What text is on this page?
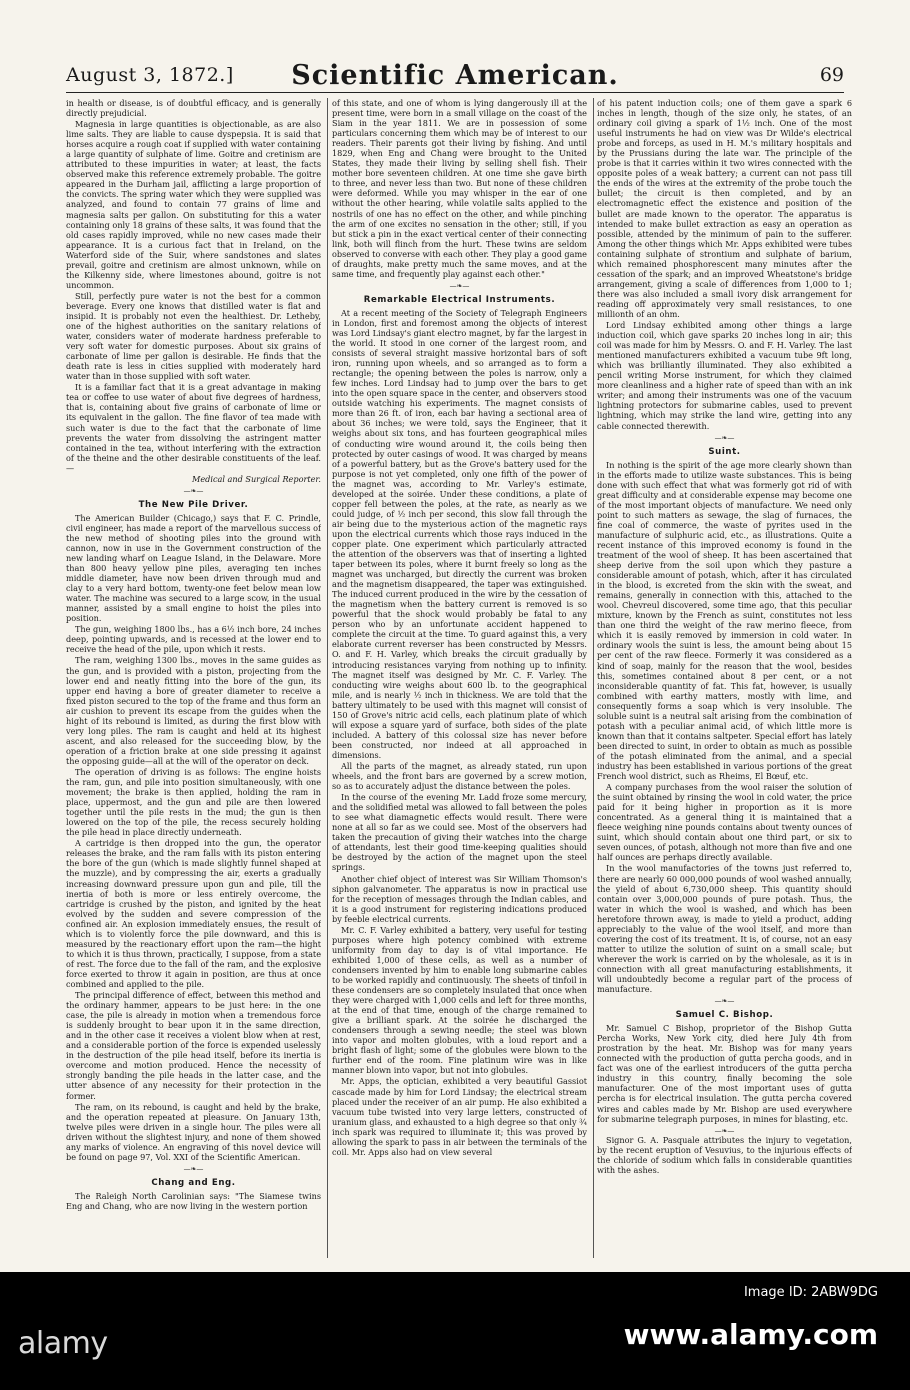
August 3, 1872.]	Scientific American.	69

in health or disease, is of doubtful efficacy, and is generally directly prejudicial.

Magnesia in large quantities is objectionable, as are also lime salts. They are liable to cause dyspepsia. It is said that horses acquire a rough coat if supplied with water containing a large quantity of sulphate of lime. Goitre and cretinism are attributed to these impurities in water; at least, the facts observed make this reference extremely probable. The goitre appeared in the Durham jail, afflicting a large proportion of the convicts. The spring water which they were supplied was analyzed, and found to contain 77 grains of lime and magnesia salts per gallon. On substituting for this a water containing only 18 grains of these salts, it was found that the old cases rapidly improved, while no new cases made their appearance. It is a curious fact that in Ireland, on the Waterford side of the Suir, where sandstones and slates prevail, goitre and cretinism are almost unknown, while on the Kilkenny side, where limestones abound, goitre is not uncommon.

Still, perfectly pure water is not the best for a common beverage. Every one knows that distilled water is flat and insipid. It is probably not even the healthiest. Dr. Letheby, one of the highest authorities on the sanitary relations of water, considers water of moderate hardness preferable to very soft water for domestic purposes. About six grains of carbonate of lime per gallon is desirable. He finds that the death rate is less in cities supplied with moderately hard water than in those supplied with soft water.

It is a familiar fact that it is a great advantage in making tea or coffee to use water of about five degrees of hardness, that is, containing about five grains of carbonate of lime or its equivalent in the gallon. The fine flavor of tea made with such water is due to the fact that the carbonate of lime prevents the water from dissolving the astringent matter contained in the tea, without interfering with the extraction of the theine and the other desirable constituents of the leaf.—

Medical and Surgical Reporter.

—❧—
The New Pile Driver.

The American Builder (Chicago,) says that F. C. Prindle, civil engineer, has made a report of the marvellous success of the new method of shooting piles into the ground with cannon, now in use in the Government construction of the new landing wharf on League Island, in the Delaware. More than 800 heavy yellow pine piles, averaging ten inches middle diameter, have now been driven through mud and clay to a very hard bottom, twenty-one feet below mean low water. The machine was secured to a large scow, in the usual manner, assisted by a small engine to hoist the piles into position.

The gun, weighing 1800 lbs., has a 6½ inch bore, 24 inches deep, pointing upwards, and is recessed at the lower end to receive the head of the pile, upon which it rests.

The ram, weighing 1300 lbs., moves in the same guides as the gun, and is provided with a piston, projecting from the lower end and neatly fitting into the bore of the gun, its upper end having a bore of greater diameter to receive a fixed piston secured to the top of the frame and thus form an air cushion to prevent its escape from the guides when the hight of its rebound is limited, as during the first blow with very long piles. The ram is caught and held at its highest ascent, and also released for the succeeding blow, by the operation of a friction brake at one side pressing it against the opposing guide—all at the will of the operator on deck.

The operation of driving is as follows: The engine hoists the ram, gun, and pile into position simultaneously, with one movement; the brake is then applied, holding the ram in place, uppermost, and the gun and pile are then lowered together until the pile rests in the mud; the gun is then lowered on the top of the pile, the recess securely holding the pile head in place directly underneath.

A cartridge is then dropped into the gun, the operator releases the brake, and the ram falls with its piston entering the bore of the gun (which is made slightly funnel shaped at the muzzle), and by compressing the air, exerts a gradually increasing downward pressure upon gun and pile, till the inertia of both is more or less entirely overcome, the cartridge is crushed by the piston, and ignited by the heat evolved by the sudden and severe compression of the confined air. An explosion immediately ensues, the result of which is to violently force the pile downward, and this is measured by the reactionary effort upon the ram—the hight to which it is thus thrown, practically, I suppose, from a state of rest. The force due to the fall of the ram, and the explosive force exerted to throw it again in position, are thus at once combined and applied to the pile.

The principal difference of effect, between this method and the ordinary hammer, appears to be just here: in the one case, the pile is already in motion when a tremendous force is suddenly brought to bear upon it in the same direction, and in the other case it receives a violent blow when at rest, and a considerable portion of the force is expended uselessly in the destruction of the pile head itself, before its inertia is overcome and motion produced. Hence the necessity of strongly banding the pile heads in the latter case, and the utter absence of any necessity for their protection in the former.

The ram, on its rebound, is caught and held by the brake, and the operation repeated at pleasure. On January 13th, twelve piles were driven in a single hour. The piles were all driven without the slightest injury, and none of them showed any marks of violence. An engraving of this novel device will be found on page 97, Vol. XXI of the Scientific American.

—❧—
Chang and Eng.

The Raleigh North Carolinian says: "The Siamese twins Eng and Chang, who are now living in the western portion

of this state, and one of whom is lying dangerously ill at the present time, were born in a small village on the coast of the Siam in the year 1811. We are in possession of some particulars concerning them which may be of interest to our readers. Their parents got their living by fishing. And until 1829, when Eng and Chang were brought to the United States, they made their living by selling shell fish. Their mother bore seventeen children. At one time she gave birth to three, and never less than two. But none of these children were deformed. While you may whisper in the ear of one without the other hearing, while volatile salts applied to the nostrils of one has no effect on the other, and while pinching the arm of one excites no sensation in the other; still, if you but stick a pin in the exact vertical center of their connecting link, both will flinch from the hurt. These twins are seldom observed to converse with each other. They play a good game of draughts, make pretty much the same moves, and at the same time, and frequently play against each other."

—❧—
Remarkable Electrical Instruments.

At a recent meeting of the Society of Telegraph Engineers in London, first and foremost among the objects of interest was Lord Lindsay's giant electro magnet, by far the largest in the world. It stood in one corner of the largest room, and consists of several straight massive horizontal bars of soft iron, running upon wheels, and so arranged as to form a rectangle; the opening between the poles is narrow, only a few inches. Lord Lindsay had to jump over the bars to get into the open square space in the center, and observers stood outside watching his experiments. The magnet consists of more than 26 ft. of iron, each bar having a sectional area of about 36 inches; we were told, says the Engineer, that it weighs about six tons, and has fourteen geographical miles of conducting wire wound around it, the coils being then protected by outer casings of wood. It was charged by means of a powerful battery, but as the Grove's battery used for the purpose is not yet completed, only one fifth of the power of the magnet was, according to Mr. Varley's estimate, developed at the soirée. Under these conditions, a plate of copper fell between the poles, at the rate, as nearly as we could judge, of ½ inch per second, this slow fall through the air being due to the mysterious action of the magnetic rays upon the electrical currents which those rays induced in the copper plate. One experiment which particularly attracted the attention of the observers was that of inserting a lighted taper between its poles, where it burnt freely so long as the magnet was uncharged, but directly the current was broken and the magnetism disappeared, the taper was extinguished. The induced current produced in the wire by the cessation of the magnetism when the battery current is removed is so powerful that the shock would probably be fatal to any person who by an unfortunate accident happened to complete the circuit at the time. To guard against this, a very elaborate current reverser has been constructed by Messrs. O. and F. H. Varley, which breaks the circuit gradually by introducing resistances varying from nothing up to infinity. The magnet itself was designed by Mr. C. F. Varley. The conducting wire weighs about 600 lb. to the geographical mile, and is nearly ½ inch in thickness. We are told that the battery ultimately to be used with this magnet will consist of 150 of Grove's nitric acid cells, each platinum plate of which will expose a square yard of surface, both sides of the plate included. A battery of this colossal size has never before been constructed, nor indeed at all approached in dimensions.

All the parts of the magnet, as already stated, run upon wheels, and the front bars are governed by a screw motion, so as to accurately adjust the distance between the poles.

In the course of the evening Mr. Ladd froze some mercury, and the solidified metal was allowed to fall between the poles to see what diamagnetic effects would result. There were none at all so far as we could see. Most of the observers had taken the precaution of giving their watches into the charge of attendants, lest their good time-keeping qualities should be destroyed by the action of the magnet upon the steel springs.

Another chief object of interest was Sir William Thomson's siphon galvanometer. The apparatus is now in practical use for the reception of messages through the Indian cables, and it is a good instrument for registering indications produced by feeble electrical currents.

Mr. C. F. Varley exhibited a battery, very useful for testing purposes where high potency combined with extreme uniformity from day to day is of vital importance. He exhibited 1,000 of these cells, as well as a number of condensers invented by him to enable long submarine cables to be worked rapidly and continuously. The sheets of tinfoil in these condensers are so completely insulated that once when they were charged with 1,000 cells and left for three months, at the end of that time, enough of the charge remained to give a brilliant spark. At the soirée he discharged the condensers through a sewing needle; the steel was blown into vapor and molten globules, with a loud report and a bright flash of light; some of the globules were blown to the further end of the room. Fine platinum wire was in like manner blown into vapor, but not into globules.

Mr. Apps, the optician, exhibited a very beautiful Gassiot cascade made by him for Lord Lindsay; the electrical stream placed under the receiver of an air pump. He also exhibited a vacuum tube twisted into very large letters, constructed of uranium glass, and exhausted to a high degree so that only ¾ inch spark was required to illuminate it; this was proved by allowing the spark to pass in air between the terminals of the coil. Mr. Apps also had on view several

of his patent induction coils; one of them gave a spark 6 inches in length, though of the size only, he states, of an ordinary coil giving a spark of 1½ inch. One of the most useful instruments he had on view was Dr Wilde's electrical probe and forceps, as used in H. M.'s military hospitals and by the Prussians during the late war. The principle of the probe is that it carries within it two wires connected with the opposite poles of a weak battery; a current can not pass till the ends of the wires at the extremity of the probe touch the bullet; the circuit is then completed, and by an electromagnetic effect the existence and position of the bullet are made known to the operator. The apparatus is intended to make bullet extraction as easy an operation as possible, attended by the minimum of pain to the sufferer. Among the other things which Mr. Apps exhibited were tubes containing sulphate of strontium and sulphate of barium, which remained phosphorescent many minutes after the cessation of the spark; and an improved Wheatstone's bridge arrangement, giving a scale of differences from 1,000 to 1; there was also included a small ivory disk arrangement for reading off approximately very small resistances, to one millionth of an ohm.

Lord Lindsay exhibited among other things a large induction coil, which gave sparks 20 inches long in air; this coil was made for him by Messrs. O. and F. H. Varley. The last mentioned manufacturers exhibited a vacuum tube 9ft long, which was brilliantly illuminated. They also exhibited a pencil writing Morse instrument, for which they claimed more cleanliness and a higher rate of speed than with an ink writer; and among their instruments was one of the vacuum lightning protectors for submarine cables, used to prevent lightning, which may strike the land wire, getting into any cable connected therewith.

—❧—
Suint.

In nothing is the spirit of the age more clearly shown than in the efforts made to utilize waste substances. This is being done with such effect that what was formerly got rid of with great difficulty and at considerable expense may become one of the most important objects of manufacture. We need only point to such matters as sewage, the slag of furnaces, the fine coal of commerce, the waste of pyrites used in the manufacture of sulphuric acid, etc., as illustrations. Quite a recent instance of this improved economy is found in the treatment of the wool of sheep. It has been ascertained that sheep derive from the soil upon which they pasture a considerable amount of potash, which, after it has circulated in the blood, is excreted from the skin with the sweat, and remains, generally in connection with this, attached to the wool. Chevreul discovered, some time ago, that this peculiar mixture, known by the French as suint, constitutes not less than one third the weight of the raw merino fleece, from which it is easily removed by immersion in cold water. In ordinary wools the suint is less, the amount being about 15 per cent of the raw fleece. Formerly it was considered as a kind of soap, mainly for the reason that the wool, besides this, sometimes contained about 8 per cent, or a not inconsiderable quantity of fat. This fat, however, is usually combined with earthy matters, mostly with lime, and consequently forms a soap which is very insoluble. The soluble suint is a neutral salt arising from the combination of potash with a peculiar animal acid, of which little more is known than that it contains saltpeter. Special effort has lately been directed to suint, in order to obtain as much as possible of the potash eliminated from the animal, and a special industry has been established in various portions of the great French wool district, such as Rheims, El Bœuf, etc.

A company purchases from the wool raiser the solution of the suint obtained by rinsing the wool in cold water, the price paid for it being higher in proportion as it is more concentrated. As a general thing it is maintained that a fleece weighing nine pounds contains about twenty ounces of suint, which should contain about one third part, or six to seven ounces, of potash, although not more than five and one half ounces are perhaps directly available.

In the wool manufactories of the towns just referred to, there are nearly 60 000,000 pounds of wool washed annually, the yield of about 6,730,000 sheep. This quantity should contain over 3,000,000 pounds of pure potash. Thus, the water in which the wool is washed, and which has been heretofore thrown away, is made to yield a product, adding appreciably to the value of the wool itself, and more than covering the cost of its treatment. It is, of course, not an easy matter to utilize the solution of suint on a small scale; but wherever the work is carried on by the wholesale, as it is in connection with all great manufacturing establishments, it will undoubtedly become a regular part of the process of manufacture.

—❧—
Samuel C. Bishop.

Mr. Samuel C Bishop, proprietor of the Bishop Gutta Percha Works, New York city, died here July 4th from prostration by the heat. Mr. Bishop was for many years connected with the production of gutta percha goods, and in fact was one of the earliest introducers of the gutta percha industry in this country, finally becoming the sole manufacturer. One of the most important uses of gutta percha is for electrical insulation. The gutta percha covered wires and cables made by Mr. Bishop are used everywhere for submarine telegraph purposes, in mines for blasting, etc.

—❧—

Signor G. A. Pasquale attributes the injury to vegetation, by the recent eruption of Vesuvius, to the injurious effects of the chloride of sodium which falls in considerable quantities with the ashes.

alamy
Image ID: 2ABW9DG
www.alamy.com
